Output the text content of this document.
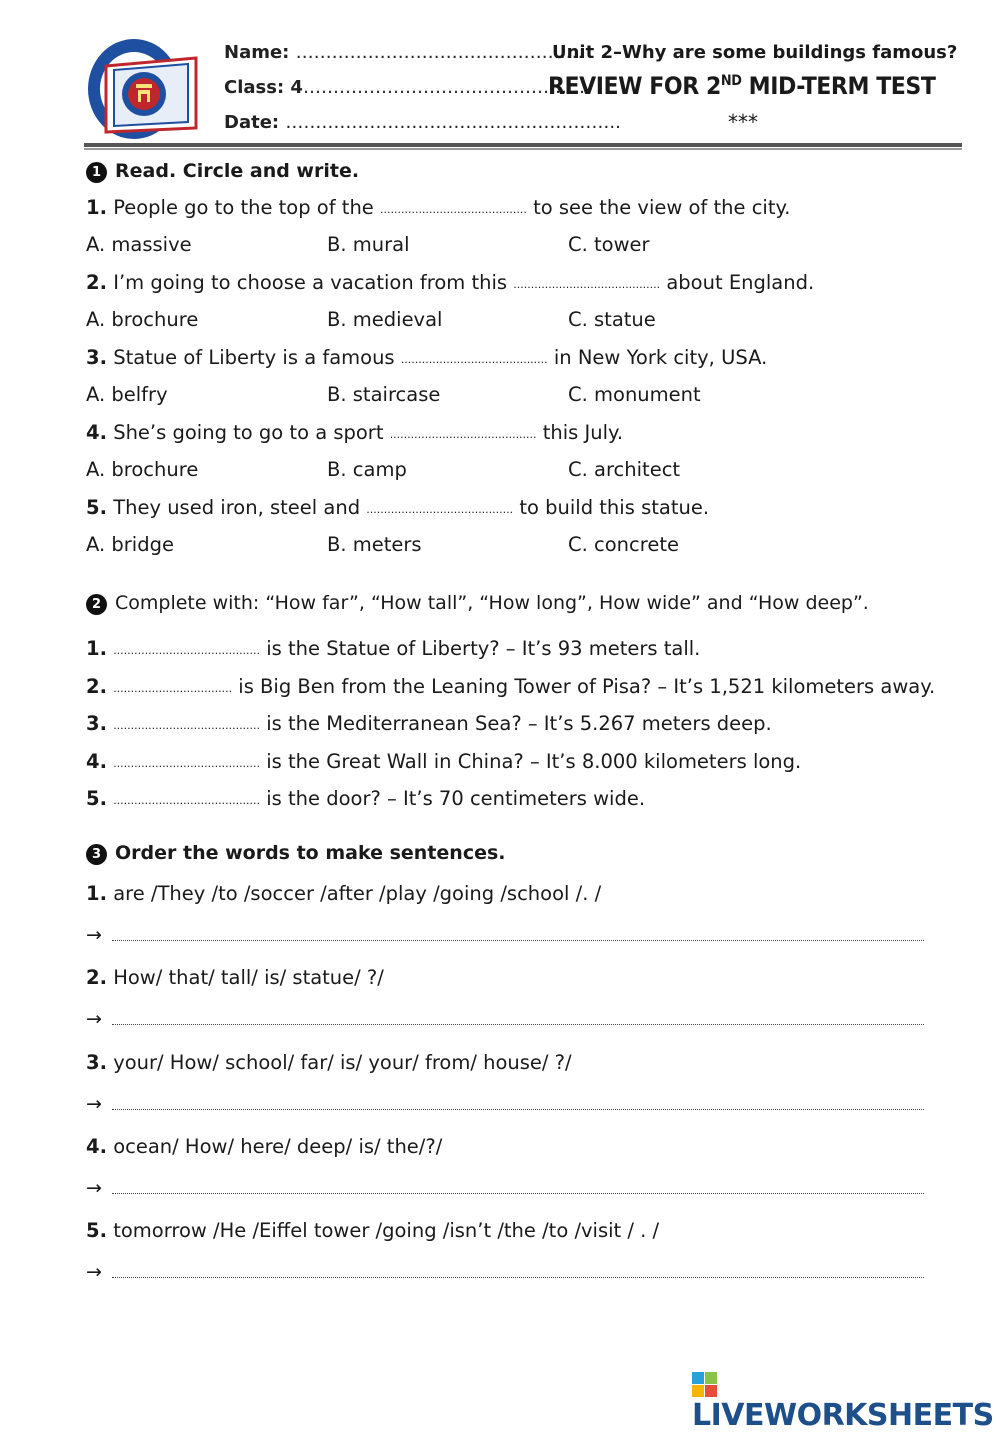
Name: …………………………………………
Class: 4…………………………………………
Date: ………………………………………………..
Unit 2–Why are some buildings famous?
REVIEW FOR 2ND MID-TERM TEST
***
1 Read. Circle and write.
1. People go to the top of the .......................................... to see the view of the city.
A. massive	B. mural	C. tower
2. I’m going to choose a vacation from this .......................................... about England.
A. brochure	B. medieval	C. statue
3. Statue of Liberty is a famous .......................................... in New York city, USA.
A. belfry	B. staircase	C. monument
4. She’s going to go to a sport .......................................... this July.
A. brochure	B. camp	C. architect
5. They used iron, steel and .......................................... to build this statue.
A. bridge	B. meters	C. concrete
2 Complete with: “How far”, “How tall”, “How long”, How wide” and “How deep”.
1. .......................................... is the Statue of Liberty? – It’s 93 meters tall.
2. .................................. is Big Ben from the Leaning Tower of Pisa? – It’s 1,521 kilometers away.
3. .......................................... is the Mediterranean Sea? – It’s 5.267 meters deep.
4. .......................................... is the Great Wall in China? – It’s 8.000 kilometers long.
5. .......................................... is the door? – It’s 70 centimeters wide.
3 Order the words to make sentences.
1. are /They /to /soccer /after /play /going /school /. /
→
2. How/ that/ tall/ is/ statue/ ?/
→
3. your/ How/ school/ far/ is/ your/ from/ house/ ?/
→
4. ocean/ How/ here/ deep/ is/ the/?/
→
5. tomorrow /He /Eiffel tower /going /isn’t /the /to /visit / . /
→
LIVEWORKSHEETS
